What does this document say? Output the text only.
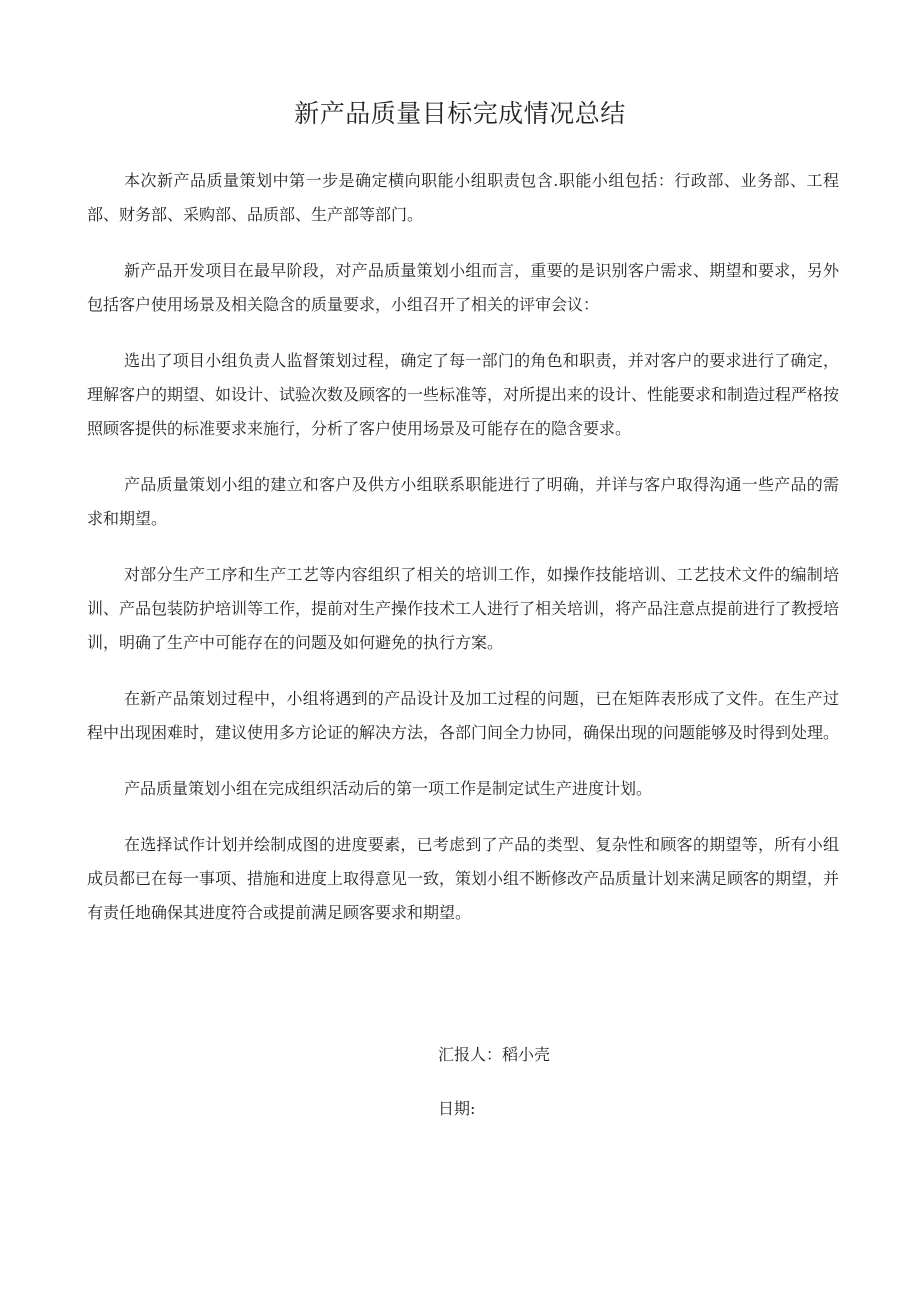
新产品质量目标完成情况总结

本次新产品质量策划中第一步是确定横向职能小组职责包含.职能小组包括：行政部、业务部、工程部、财务部、采购部、品质部、生产部等部门。

新产品开发项目在最早阶段，对产品质量策划小组而言，重要的是识别客户需求、期望和要求，另外包括客户使用场景及相关隐含的质量要求，小组召开了相关的评审会议：

选出了项目小组负责人监督策划过程，确定了每一部门的角色和职责，并对客户的要求进行了确定，理解客户的期望、如设计、试验次数及顾客的一些标准等，对所提出来的设计、性能要求和制造过程严格按照顾客提供的标准要求来施行，分析了客户使用场景及可能存在的隐含要求。

产品质量策划小组的建立和客户及供方小组联系职能进行了明确，并详与客户取得沟通一些产品的需求和期望。

对部分生产工序和生产工艺等内容组织了相关的培训工作，如操作技能培训、工艺技术文件的编制培训、产品包装防护培训等工作，提前对生产操作技术工人进行了相关培训，将产品注意点提前进行了教授培训，明确了生产中可能存在的问题及如何避免的执行方案。

在新产品策划过程中，小组将遇到的产品设计及加工过程的问题，已在矩阵表形成了文件。在生产过程中出现困难时，建议使用多方论证的解决方法，各部门间全力协同，确保出现的问题能够及时得到处理。

产品质量策划小组在完成组织活动后的第一项工作是制定试生产进度计划。

在选择试作计划并绘制成图的进度要素，已考虑到了产品的类型、复杂性和顾客的期望等，所有小组成员都已在每一事项、措施和进度上取得意见一致，策划小组不断修改产品质量计划来满足顾客的期望，并有责任地确保其进度符合或提前满足顾客要求和期望。

汇报人：稻小壳

日期:
